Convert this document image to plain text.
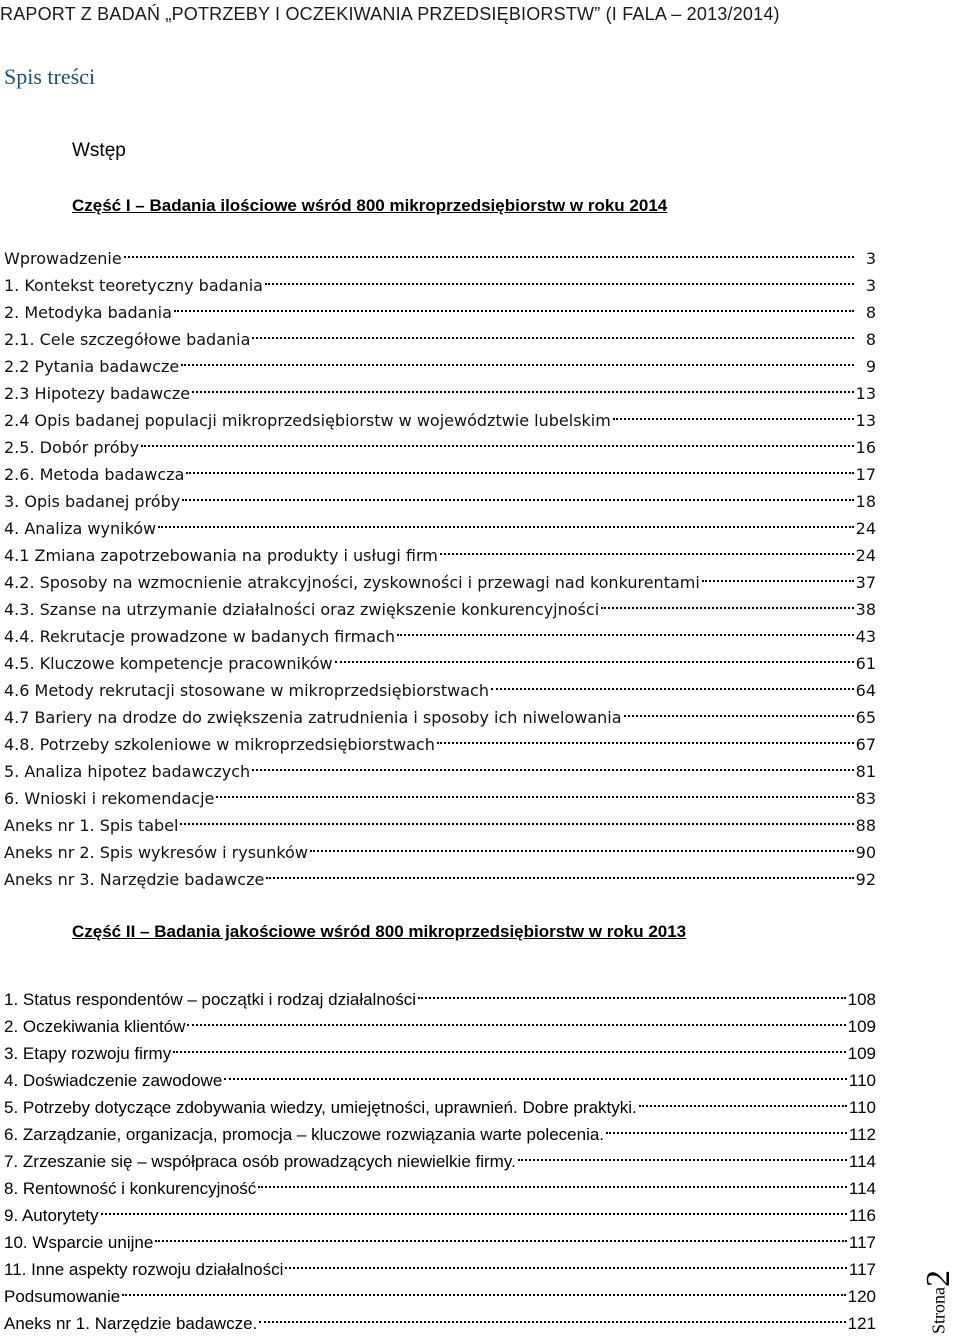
RAPORT Z BADAŃ „POTRZEBY I OCZEKIWANIA PRZEDSIĘBIORSTW” (I FALA – 2013/2014)
Spis treści
Wstęp
Część I – Badania ilościowe wśród 800 mikroprzedsiębiorstw w roku 2014
Wprowadzenie	3
1. Kontekst teoretyczny badania	3
2. Metodyka badania	8
2.1. Cele szczegółowe badania	8
2.2 Pytania badawcze	9
2.3 Hipotezy badawcze	13
2.4 Opis badanej populacji mikroprzedsiębiorstw w województwie lubelskim	13
2.5. Dobór próby	16
2.6. Metoda badawcza	17
3. Opis badanej próby	18
4. Analiza wyników	24
4.1 Zmiana zapotrzebowania na produkty i usługi firm	24
4.2. Sposoby na wzmocnienie atrakcyjności, zyskowności i przewagi nad konkurentami	37
4.3. Szanse na utrzymanie działalności oraz zwiększenie konkurencyjności	38
4.4. Rekrutacje prowadzone w badanych firmach	43
4.5. Kluczowe kompetencje pracowników	61
4.6 Metody rekrutacji stosowane w mikroprzedsiębiorstwach	64
4.7 Bariery na drodze do zwiększenia zatrudnienia i sposoby ich niwelowania	65
4.8. Potrzeby szkoleniowe w mikroprzedsiębiorstwach	67
5. Analiza hipotez badawczych	81
6. Wnioski i rekomendacje	83
Aneks nr 1. Spis tabel	88
Aneks nr 2. Spis wykresów i rysunków	90
Aneks nr 3. Narzędzie badawcze	92
Część II – Badania jakościowe wśród 800 mikroprzedsiębiorstw w roku 2013
1. Status respondentów – początki i rodzaj działalności	108
2. Oczekiwania klientów	109
3. Etapy rozwoju firmy	109
4. Doświadczenie zawodowe	110
5. Potrzeby dotyczące zdobywania wiedzy, umiejętności, uprawnień. Dobre praktyki.	110
6. Zarządzanie, organizacja, promocja – kluczowe rozwiązania warte polecenia.	112
7. Zrzeszanie się – współpraca osób prowadzących niewielkie firmy.	114
8. Rentowność i konkurencyjność	114
9. Autorytety	116
10. Wsparcie unijne	117
11. Inne aspekty rozwoju działalności	117
Podsumowanie	120
Aneks nr 1. Narzędzie badawcze.	121	Strona
2
